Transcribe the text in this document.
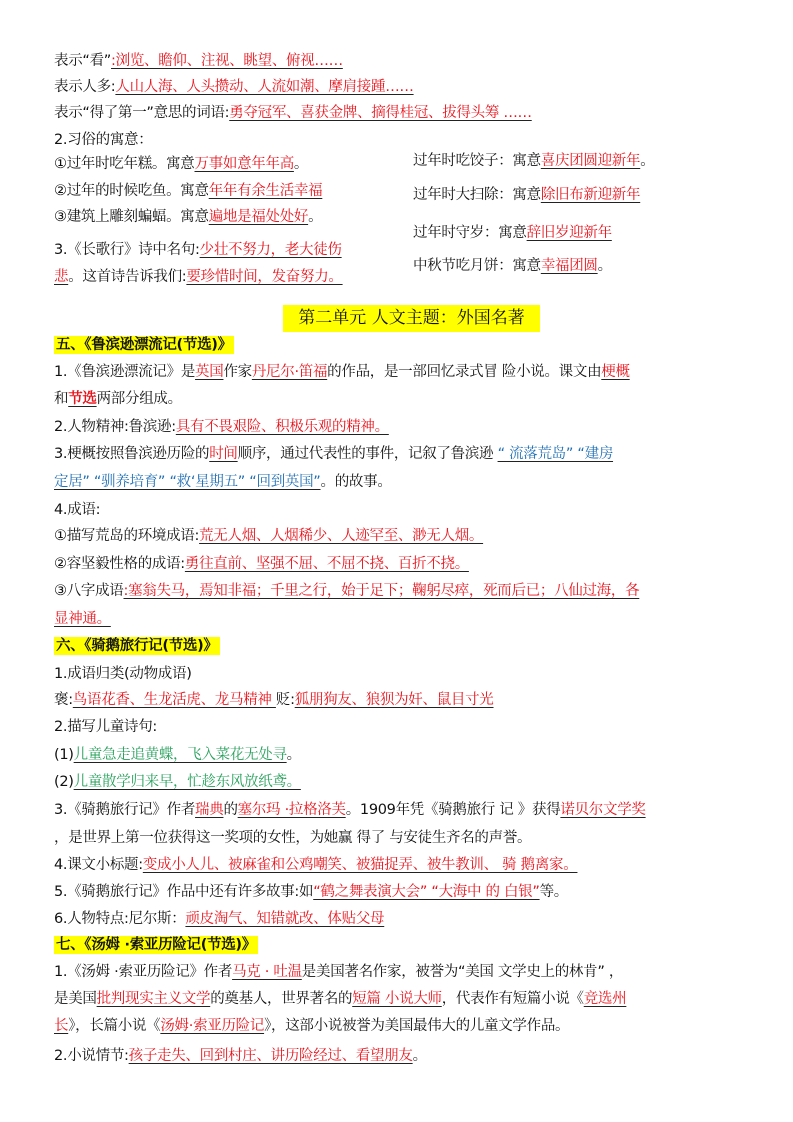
第二单元 人文主题：外国名著
表示“看”:浏览、瞻仰、注视、眺望、俯视……
表示人多:人山人海、人头攒动、人流如潮、摩肩接踵……
表示“得了第一”意思的词语:勇夺冠军、喜获金牌、摘得桂冠、拔得头筹 ……
2.习俗的寓意：
①过年时吃年糕。寓意万事如意年年高。
②过年的时候吃鱼。寓意年年有余生活幸福
③建筑上雕刻蝙蝠。寓意遍地是福处处好。
3.《长歌行》诗中名句:少壮不努力，老大徒伤
悲。这首诗告诉我们:要珍惜时间，发奋努力。
五、《鲁滨逊漂流记(节选)》
1.《鲁滨逊漂流记》是英国作家丹尼尔·笛福的作品，是一部回忆录式冒 险小说。课文由梗概
和节选两部分组成。
2.人物精神:鲁滨逊:具有不畏艰险、积极乐观的精神。
3.梗概按照鲁滨逊历险的时间顺序，通过代表性的事件，记叙了鲁滨逊 “ 流落荒岛” “建房
定居” “驯养培育” “救‘星期五” “回到英国”。的故事。
4.成语:
①描写荒岛的环境成语:荒无人烟、人烟稀少、人迹罕至、渺无人烟。
②容坚毅性格的成语:勇往直前、坚强不屈、不屈不挠、百折不挠。
③八字成语:塞翁失马，焉知非福；千里之行，始于足下；鞠躬尽瘁，死而后已；八仙过海，各
显神通。
六、《骑鹅旅行记(节选)》
1.成语归类(动物成语)
褒:鸟语花香、生龙活虎、龙马精神 贬:狐朋狗友、狼狈为奸、鼠目寸光
2.描写儿童诗句:
(1)儿童急走追黄蝶，飞入菜花无处寻。
(2)儿童散学归来早，忙趁东风放纸鸢。
3.《骑鹅旅行记》作者瑞典的塞尔玛 ·拉格洛芙。1909年凭《骑鹅旅行 记 》获得诺贝尔文学奖
，是世界上第一位获得这一奖项的女性，为她赢 得了 与安徒生齐名的声誉。
4.课文小标题:变成小人儿、被麻雀和公鸡嘲笑、被猫捉弄、被牛教训、 骑 鹅离家。
5.《骑鹅旅行记》作品中还有许多故事:如“鹤之舞表演大会” “大海中 的 白银”等。
6.人物特点:尼尔斯：顽皮淘气、知错就改、体贴父母
七、《汤姆 ·索亚历险记(节选)》
1.《汤姆 ·索亚历险记》作者马克 · 吐温是美国著名作家，被誉为“美国 文学史上的林肯” ，
是美国批判现实主义文学的奠基人，世界著名的短篇 小说大师，代表作有短篇小说《竞选州
长》，长篇小说《汤姆·索亚历险记》，这部小说被誉为美国最伟大的儿童文学作品。
2.小说情节:孩子走失、回到村庄、讲历险经过、看望朋友。
过年时吃饺子：寓意喜庆团圆迎新年。
过年时大扫除：寓意除旧布新迎新年
过年时守岁：寓意辞旧岁迎新年
中秋节吃月饼：寓意幸福团圆。
